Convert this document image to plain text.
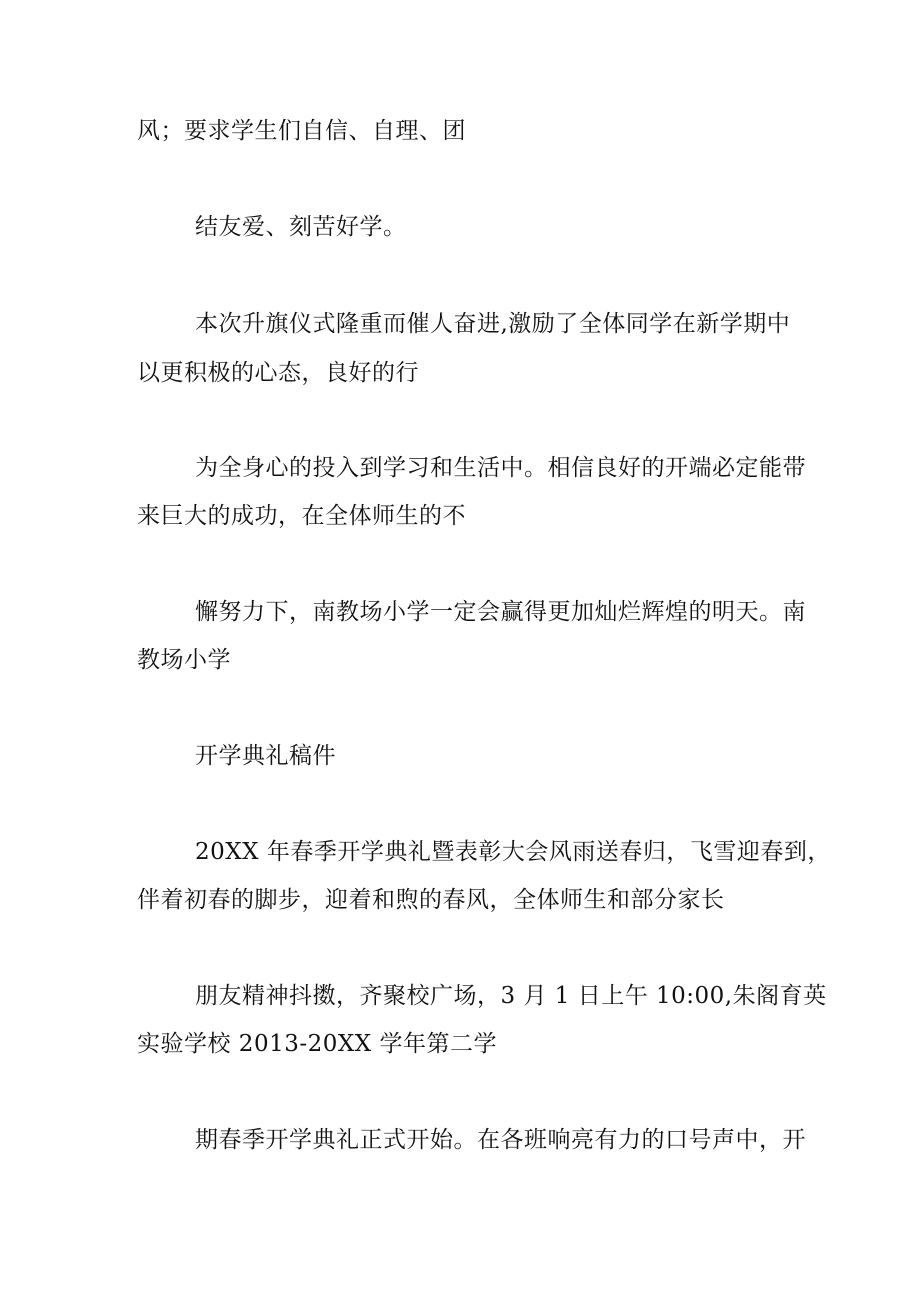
风；要求学生们自信、自理、团
结友爱、刻苦好学。
本次升旗仪式隆重而催人奋进,激励了全体同学在新学期中
以更积极的心态，良好的行
为全身心的投入到学习和生活中。相信良好的开端必定能带
来巨大的成功，在全体师生的不
懈努力下，南教场小学一定会赢得更加灿烂辉煌的明天。南
教场小学
开学典礼稿件
20XX 年春季开学典礼暨表彰大会风雨送春归，飞雪迎春到，
伴着初春的脚步，迎着和煦的春风，全体师生和部分家长
朋友精神抖擞，齐聚校广场，3 月 1 日上午 10:00,朱阁育英
实验学校 2013-20XX 学年第二学
期春季开学典礼正式开始。在各班响亮有力的口号声中，开
